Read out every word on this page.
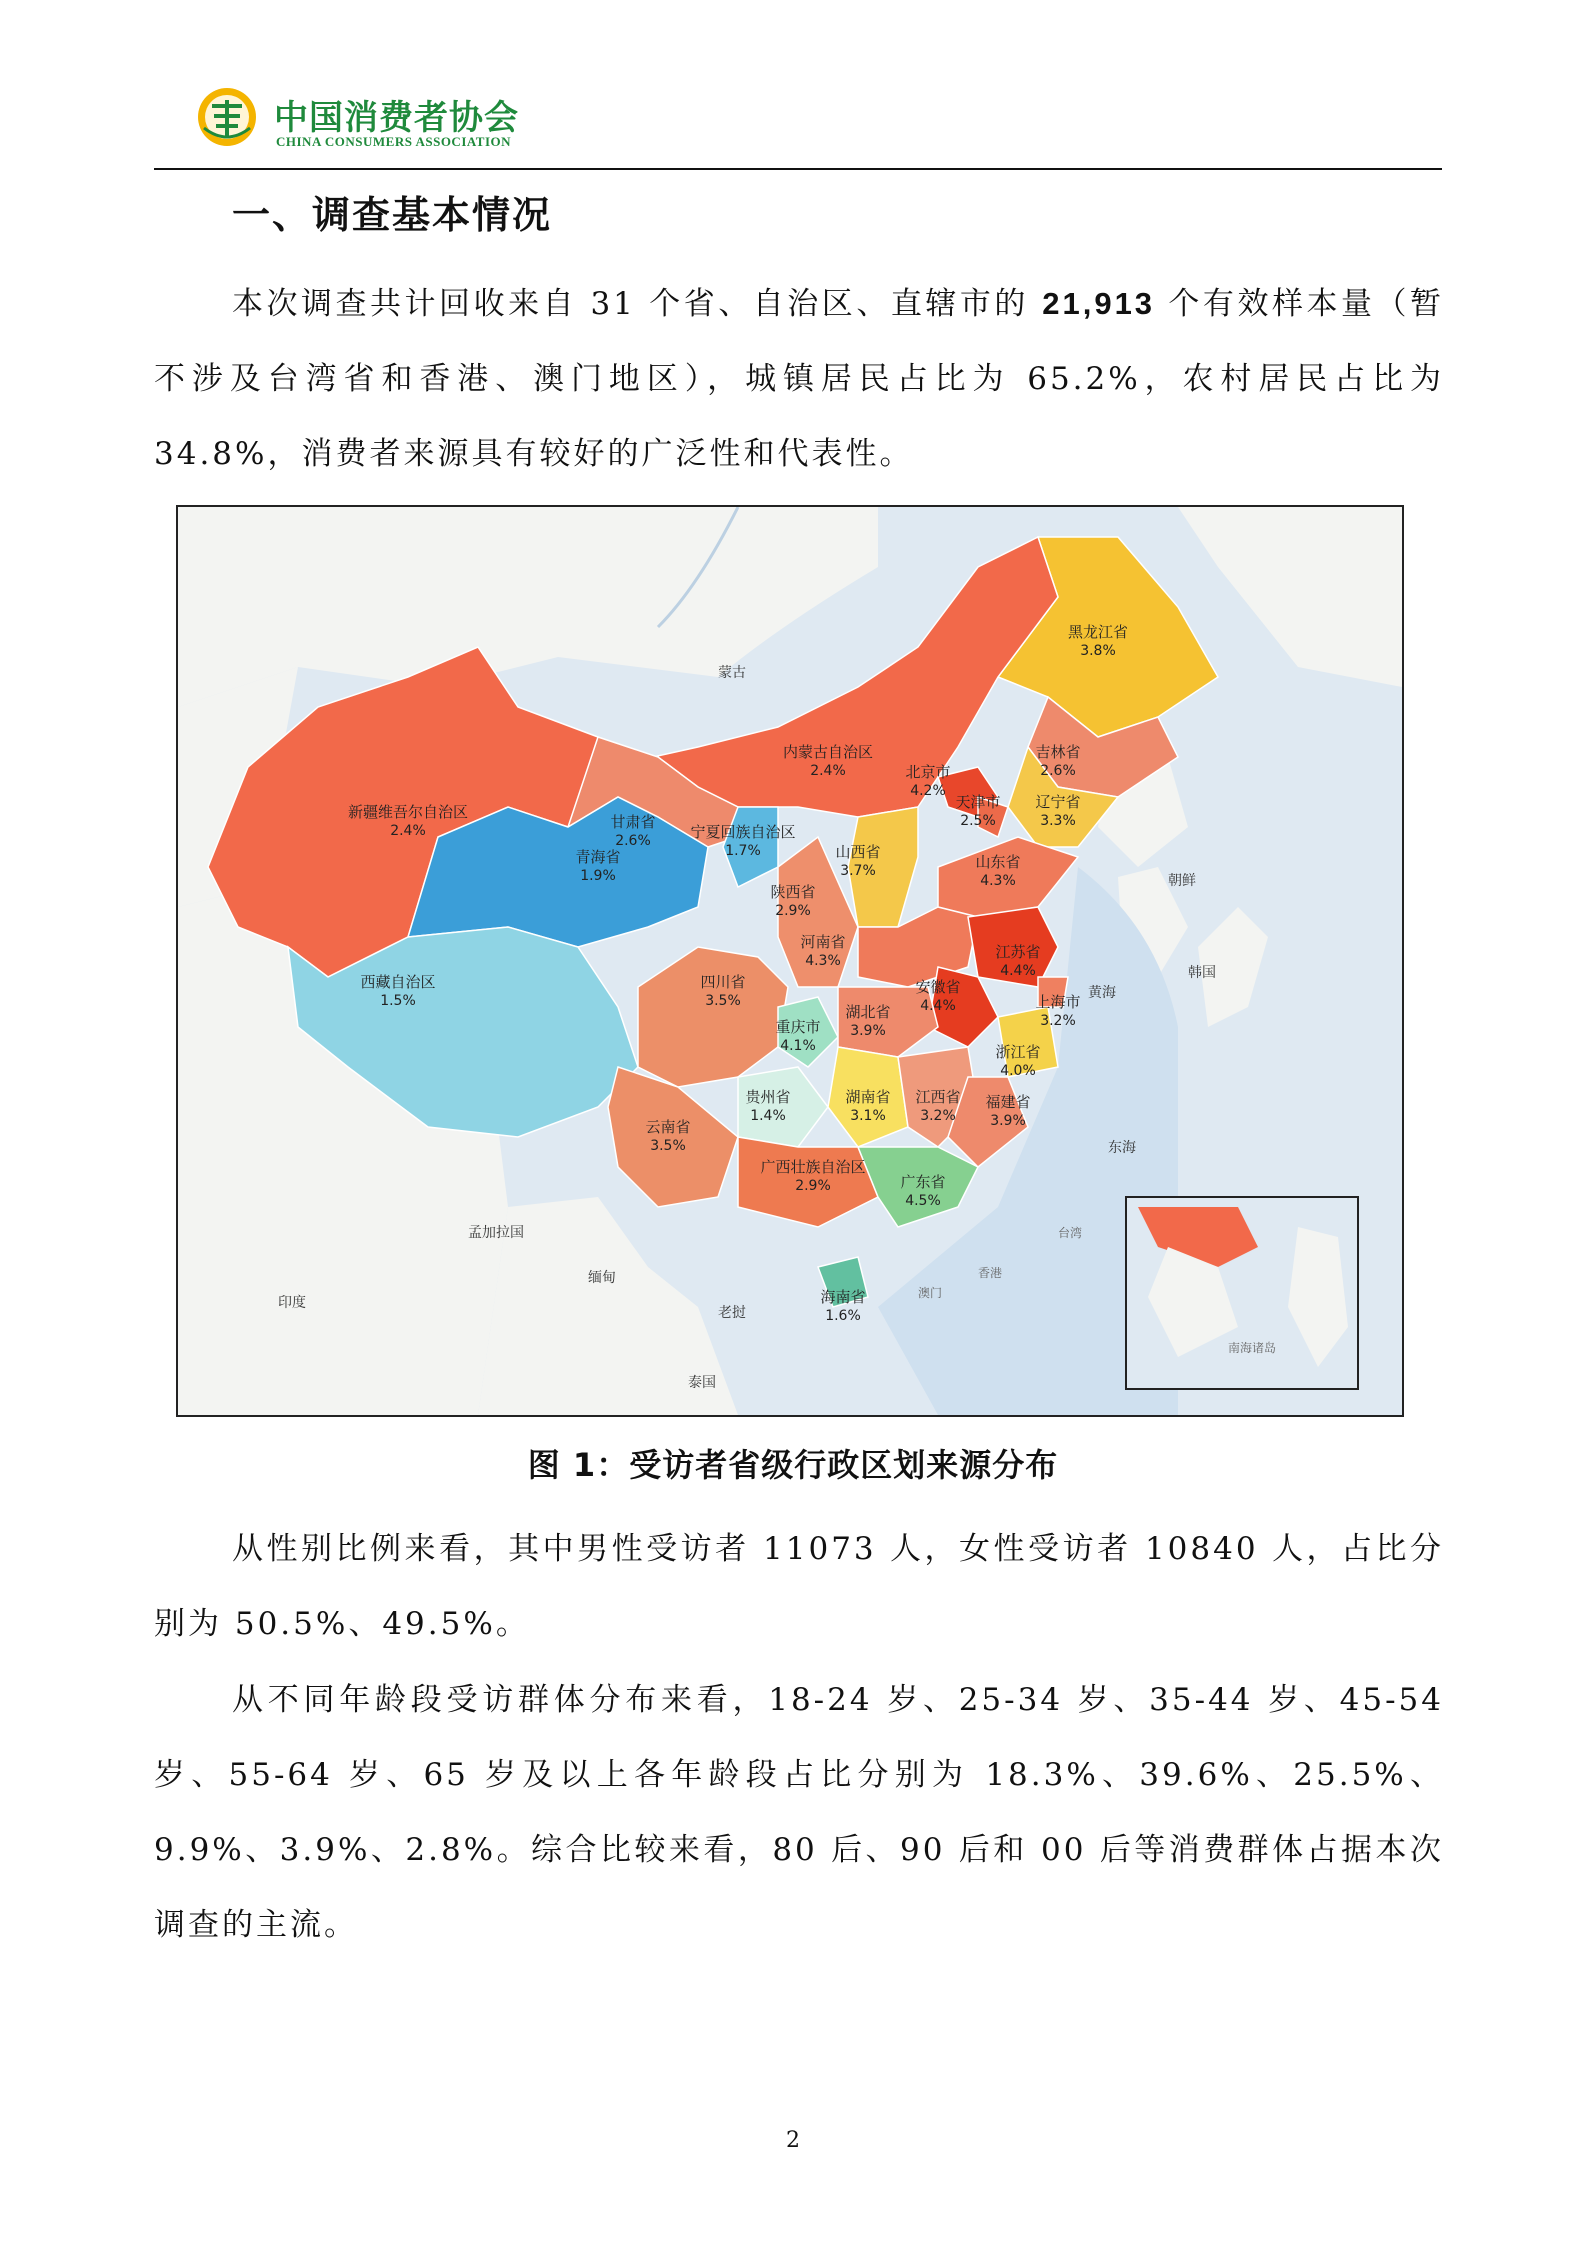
中国消费者协会
CHINA CONSUMERS ASSOCIATION
一、调查基本情况
本次调查共计回收来自 31 个省、自治区、直辖市的 21,913 个有效样本量（暂不涉及台湾省和香港、澳门地区），城镇居民占比为 65.2%，农村居民占比为 34.8%，消费者来源具有较好的广泛性和代表性。
蒙古
韩国
朝鲜
印度
孟加拉国
缅甸
老挝
泰国
黄海
东海
台湾
香港
澳门
黑龙江省
3.8%
吉林省
2.6%
辽宁省
3.3%
内蒙古自治区
2.4%
新疆维吾尔自治区
2.4%
北京市
4.2%
天津市
2.5%
甘肃省
2.6%	宁夏回族自治区
1.7%	山西省
3.7%	山东省
4.3%
青海省
1.9%
陕西省
2.9%
河南省
4.3%	江苏省
4.4%
安徽省
4.4%	上海市
3.2%
西藏自治区
1.5%
四川省
3.5%
重庆市
4.1%
湖北省
3.9%
浙江省
4.0%
贵州省
1.4%
湖南省
3.1%
江西省
3.2%
福建省
3.9%
云南省
3.5%
广西壮族自治区
2.9%	广东省
4.5%
海南省
1.6%
南海诸岛
图 1：受访者省级行政区划来源分布
从性别比例来看，其中男性受访者 11073 人，女性受访者 10840 人，占比分别为 50.5%、49.5%。
从不同年龄段受访群体分布来看，18-24 岁、25-34 岁、35-44 岁、45-54 岁、55-64 岁、65 岁及以上各年龄段占比分别为 18.3%、39.6%、25.5%、9.9%、3.9%、2.8%。综合比较来看，80 后、90 后和 00 后等消费群体占据本次调查的主流。
2
